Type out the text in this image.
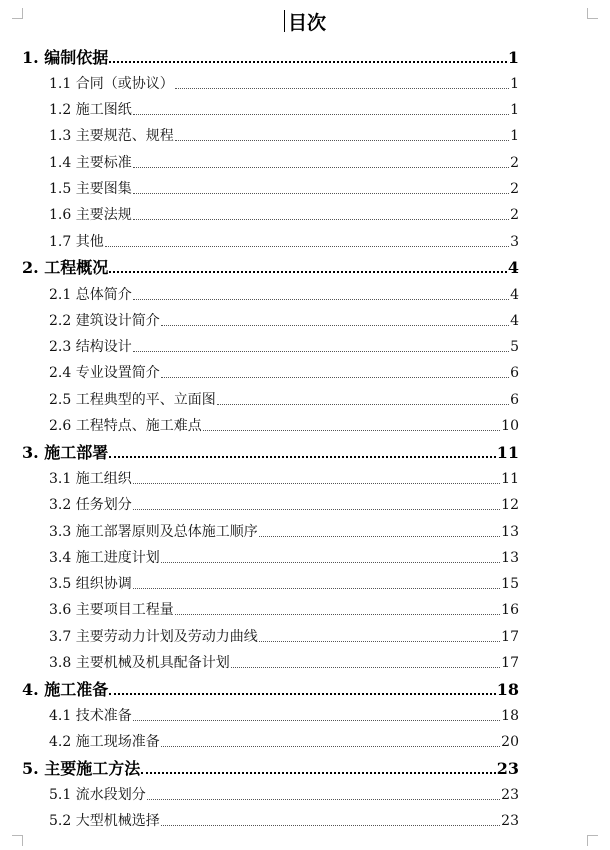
目次
1. 编制依据	1
1.1 合同（或协议）	1
1.2 施工图纸	1
1.3 主要规范、规程	1
1.4 主要标准	2
1.5 主要图集	2
1.6 主要法规	2
1.7 其他	3
2. 工程概况	4
2.1 总体简介	4
2.2 建筑设计简介	4
2.3 结构设计	5
2.4 专业设置简介	6
2.5 工程典型的平、立面图	6
2.6 工程特点、施工难点	10
3. 施工部署	11
3.1 施工组织	11
3.2 任务划分	12
3.3 施工部署原则及总体施工顺序	13
3.4 施工进度计划	13
3.5 组织协调	15
3.6 主要项目工程量	16
3.7 主要劳动力计划及劳动力曲线	17
3.8 主要机械及机具配备计划	17
4. 施工准备	18
4.1 技术准备	18
4.2 施工现场准备	20
5. 主要施工方法	23
5.1 流水段划分	23
5.2 大型机械选择	23
